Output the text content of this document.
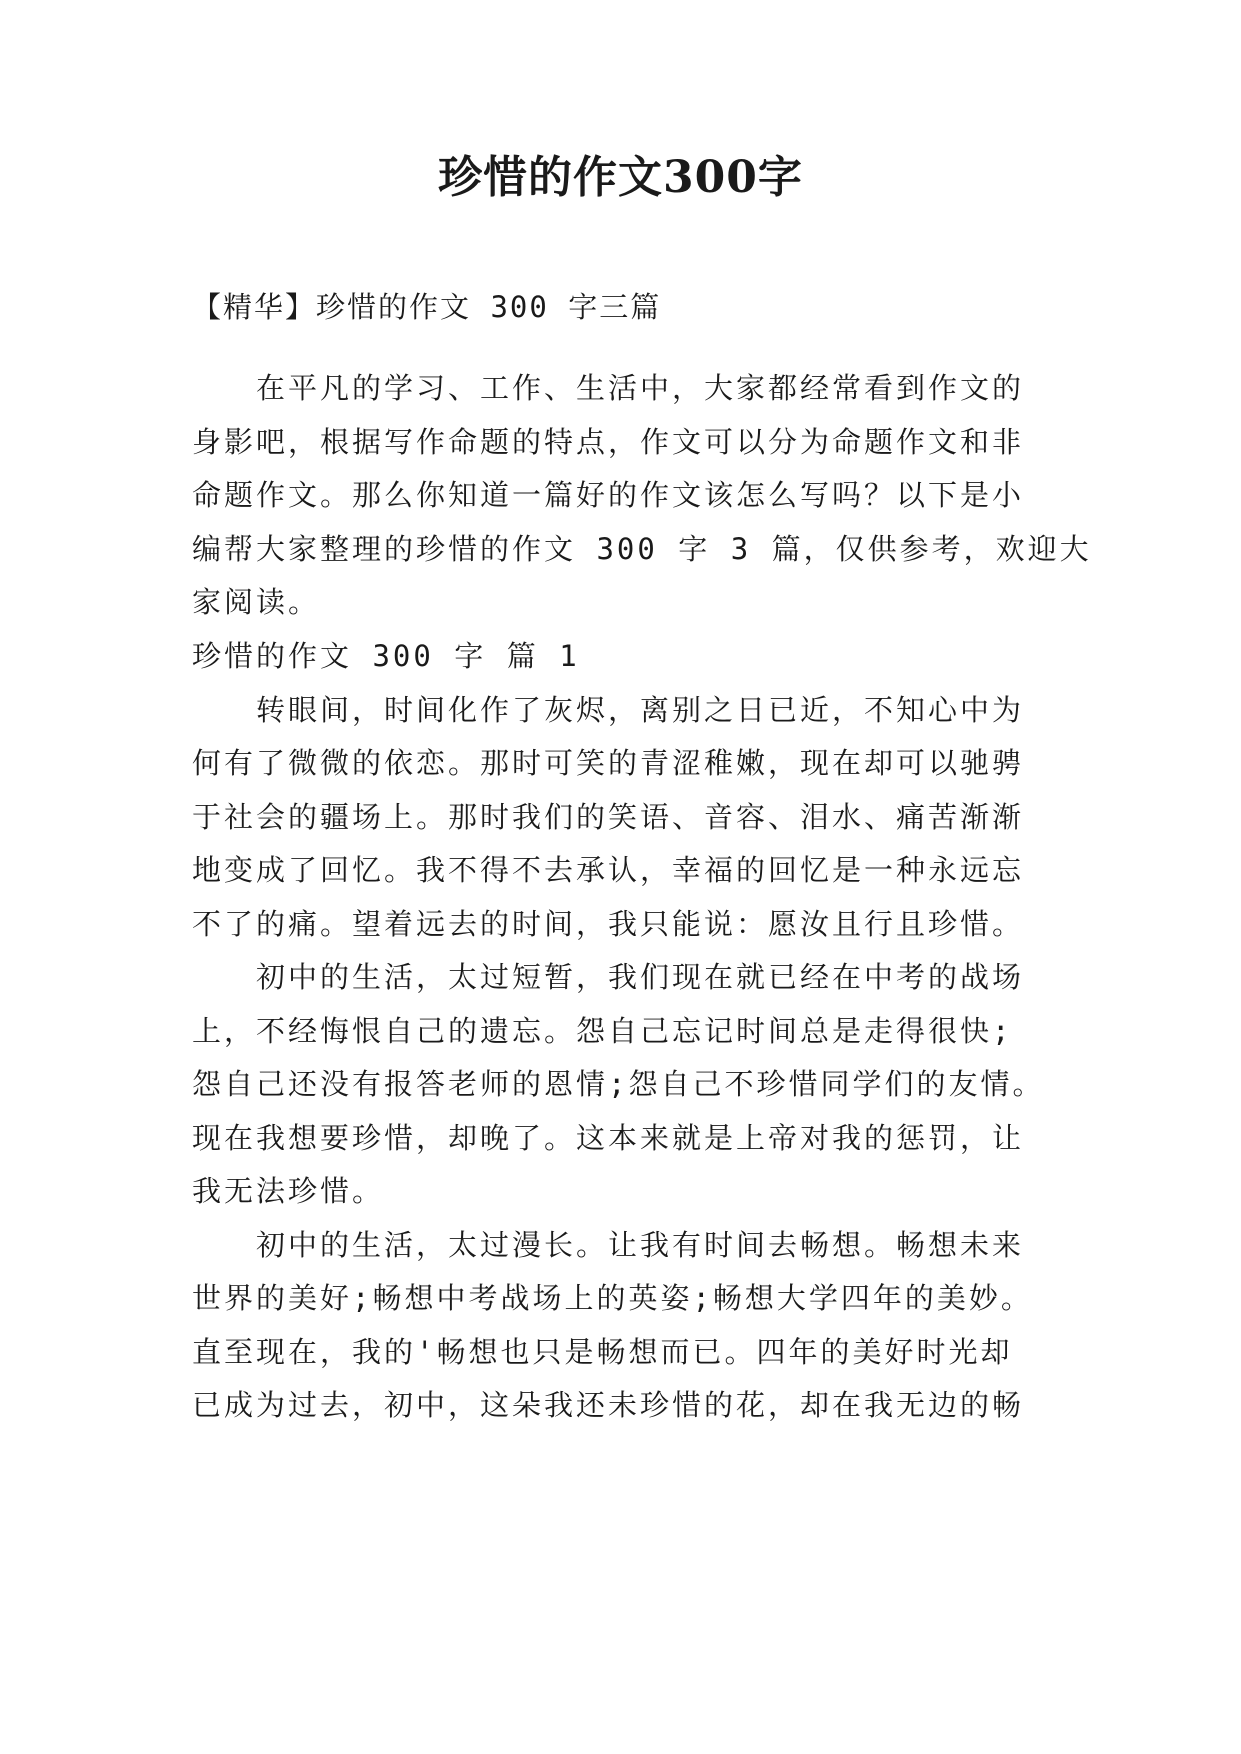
珍惜的作文300字

【精华】珍惜的作文 300 字三篇

在平凡的学习、工作、生活中，大家都经常看到作文的

身影吧，根据写作命题的特点，作文可以分为命题作文和非

命题作文。那么你知道一篇好的作文该怎么写吗？以下是小

编帮大家整理的珍惜的作文 300 字 3 篇，仅供参考，欢迎大

家阅读。

珍惜的作文 300 字 篇 1

转眼间，时间化作了灰烬，离别之日已近，不知心中为

何有了微微的依恋。那时可笑的青涩稚嫩，现在却可以驰骋

于社会的疆场上。那时我们的笑语、音容、泪水、痛苦渐渐

地变成了回忆。我不得不去承认，幸福的回忆是一种永远忘

不了的痛。望着远去的时间，我只能说：愿汝且行且珍惜。

初中的生活，太过短暂，我们现在就已经在中考的战场

上，不经悔恨自己的遗忘。怨自己忘记时间总是走得很快;

怨自己还没有报答老师的恩情;怨自己不珍惜同学们的友情。

现在我想要珍惜，却晚了。这本来就是上帝对我的惩罚，让

我无法珍惜。

初中的生活，太过漫长。让我有时间去畅想。畅想未来

世界的美好;畅想中考战场上的英姿;畅想大学四年的美妙。

直至现在，我的'畅想也只是畅想而已。四年的美好时光却

已成为过去，初中，这朵我还未珍惜的花，却在我无边的畅
